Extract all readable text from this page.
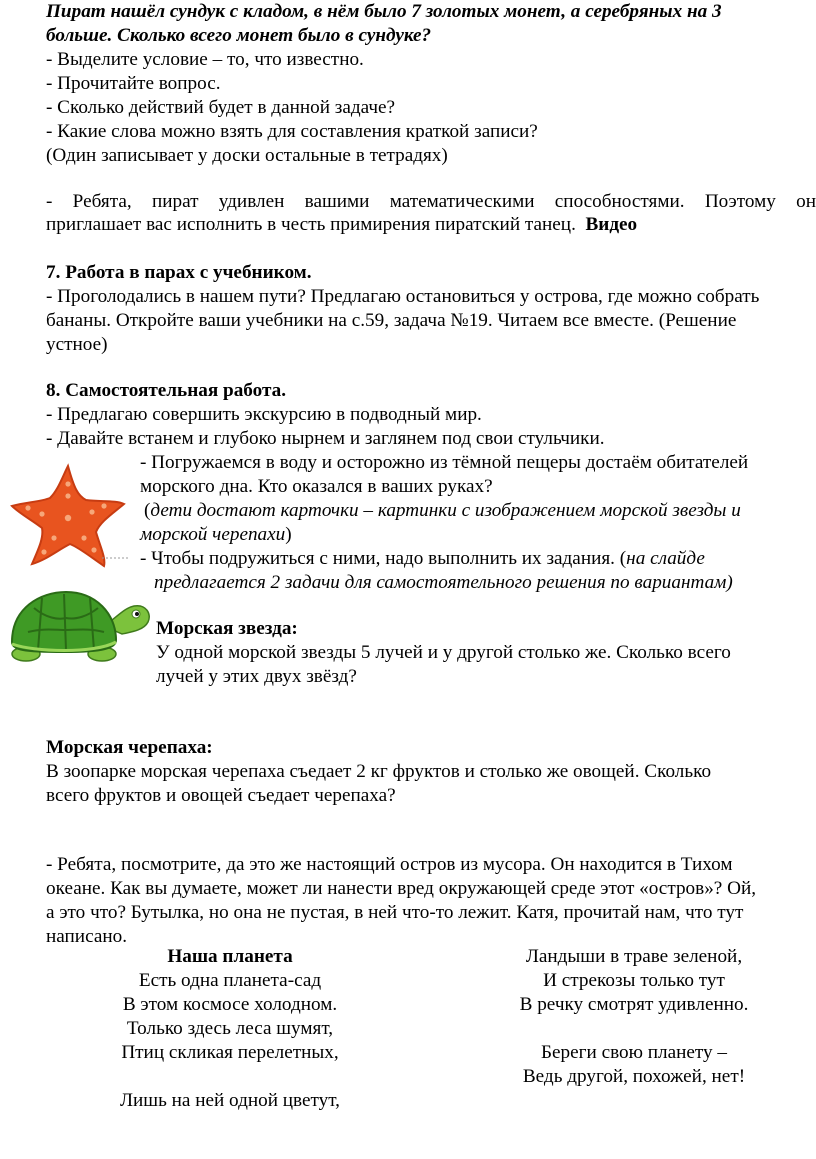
Пират нашёл сундук с кладом, в нём было 7 золотых монет, а серебряных на 3
больше. Сколько всего монет было в сундуке?
- Выделите условие – то, что известно.
- Прочитайте вопрос.
- Сколько действий будет в данной задаче?
- Какие слова можно взять для составления краткой записи?
(Один записывает у доски остальные в тетрадях)
- Ребята, пират удивлен вашими математическими способностями. Поэтому он
приглашает вас исполнить в честь примирения пиратский танец. Видео
7. Работа в парах с учебником.
- Проголодались в нашем пути? Предлагаю остановиться у острова, где можно собрать
бананы. Откройте ваши учебники на с.59, задача №19. Читаем все вместе. (Решение
устное)
8. Самостоятельная работа.
- Предлагаю совершить экскурсию в подводный мир.
- Давайте встанем и глубоко нырнем и заглянем под свои стульчики.
- Погружаемся в воду и осторожно из тёмной пещеры достаём обитателей
морского дна. Кто оказался в ваших руках?
(дети достают карточки – картинки с изображением морской звезды и
морской черепахи)
- Чтобы подружиться с ними, надо выполнить их задания. (на слайде
предлагается 2 задачи для самостоятельного решения по вариантам)
Морская звезда:
У одной морской звезды 5 лучей и у другой столько же. Сколько всего
лучей у этих двух звёзд?
Морская черепаха:
В зоопарке морская черепаха съедает 2 кг фруктов и столько же овощей. Сколько
всего фруктов и овощей съедает черепаха?
- Ребята, посмотрите, да это же настоящий остров из мусора. Он находится в Тихом
океане. Как вы думаете, может ли нанести вред окружающей среде этот «остров»? Ой,
а это что? Бутылка, но она не пустая, в ней что-то лежит. Катя, прочитай нам, что тут
написано.
Наша планета
Есть одна планета-сад
В этом космосе холодном.
Только здесь леса шумят,
Птиц скликая перелетных,
Лишь на ней одной цветут,
Ландыши в траве зеленой,
И стрекозы только тут
В речку смотрят удивленно.
Береги свою планету –
Ведь другой, похожей, нет!
